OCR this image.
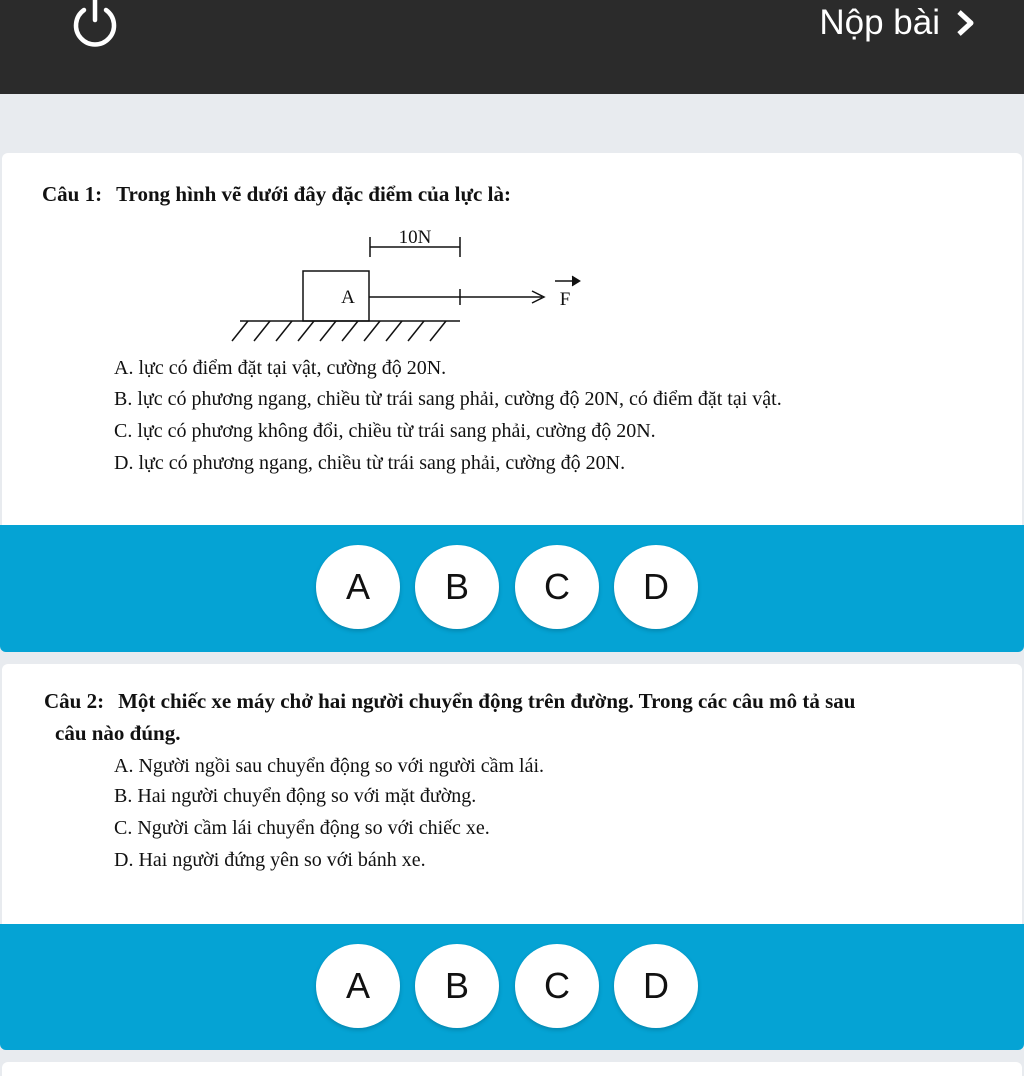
Nộp bài
Câu 1: Trong hình vẽ dưới đây đặc điểm của lực là:
10N
A	F
A. lực có điểm đặt tại vật, cường độ 20N.
B. lực có phương ngang, chiều từ trái sang phải, cường độ 20N, có điểm đặt tại vật.
C. lực có phương không đổi, chiều từ trái sang phải, cường độ 20N.
D. lực có phương ngang, chiều từ trái sang phải, cường độ 20N.
A	B	C	D
Câu 2: Một chiếc xe máy chở hai người chuyển động trên đường. Trong các câu mô tả sau
câu nào đúng.
A. Người ngồi sau chuyển động so với người cầm lái.
B. Hai người chuyển động so với mặt đường.
C. Người cầm lái chuyển động so với chiếc xe.
D. Hai người đứng yên so với bánh xe.
A	B	C	D
